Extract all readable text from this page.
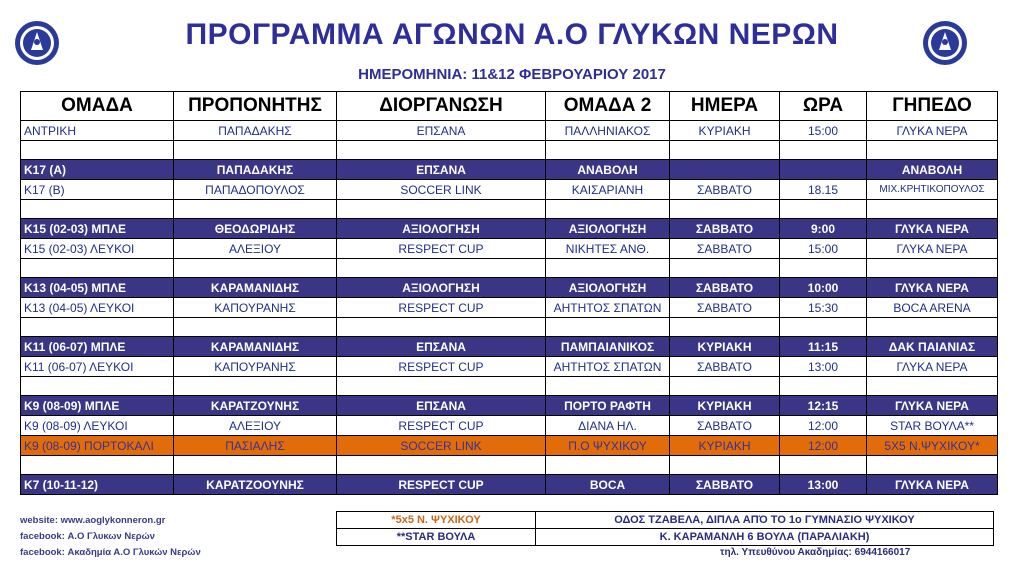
ΠΡΟΓΡΑΜΜΑ ΑΓΩΝΩΝ Α.Ο ΓΛΥΚΩΝ ΝΕΡΩΝ
ΗΜΕΡΟΜΗΝΙΑ: 11&12 ΦΕΒΡΟΥΑΡΙΟΥ 2017
ΟΜΑΔΑ	ΠΡΟΠΟΝΗΤΗΣ	ΔΙΟΡΓΑΝΩΣΗ	ΟΜΑΔΑ 2	ΗΜΕΡΑ	ΩΡΑ	ΓΗΠΕΔΟ
ΑΝΤΡΙΚΗ	ΠΑΠΑΔΑΚΗΣ	ΕΠΣΑΝΑ	ΠΑΛΛΗΝΙΑΚΟΣ	ΚΥΡΙΑΚΗ	15:00	ΓΛΥΚΑ ΝΕΡΑ

Κ17 (Α)	ΠΑΠΑΔΑΚΗΣ	ΕΠΣΑΝΑ	ΑΝΑΒΟΛΗ			ΑΝΑΒΟΛΗ
Κ17 (Β)	ΠΑΠΑΔΟΠΟΥΛΟΣ	SOCCER LINK	ΚΑΙΣΑΡΙΑΝΗ	ΣΑΒΒΑΤΟ	18.15	ΜΙΧ.ΚΡΗΤΙΚΟΠΟΥΛΟΣ

Κ15 (02-03) ΜΠΛΕ	ΘΕΟΔΩΡΙΔΗΣ	ΑΞΙΟΛΟΓΗΣΗ	ΑΞΙΟΛΟΓΗΣΗ	ΣΑΒΒΑΤΟ	9:00	ΓΛΥΚΑ ΝΕΡΑ
Κ15 (02-03) ΛΕΥΚΟΙ	ΑΛΕΞΙΟΥ	RESPECT CUP	ΝΙΚΗΤΕΣ ΑΝΘ.	ΣΑΒΒΑΤΟ	15:00	ΓΛΥΚΑ ΝΕΡΑ

Κ13 (04-05) ΜΠΛΕ	ΚΑΡΑΜΑΝΙΔΗΣ	ΑΞΙΟΛΟΓΗΣΗ	ΑΞΙΟΛΟΓΗΣΗ	ΣΑΒΒΑΤΟ	10:00	ΓΛΥΚΑ ΝΕΡΑ
Κ13 (04-05) ΛΕΥΚΟΙ	ΚΑΠΟΥΡΑΝΗΣ	RESPECT CUP	ΑΗΤΗΤΟΣ ΣΠΑΤΩΝ	ΣΑΒΒΑΤΟ	15:30	BOCA ARENA

Κ11 (06-07) ΜΠΛΕ	ΚΑΡΑΜΑΝΙΔΗΣ	ΕΠΣΑΝΑ	ΠΑΜΠΑΙΑΝΙΚΟΣ	ΚΥΡΙΑΚΗ	11:15	ΔΑΚ ΠΑΙΑΝΙΑΣ
Κ11 (06-07) ΛΕΥΚΟΙ	ΚΑΠΟΥΡΑΝΗΣ	RESPECT CUP	ΑΗΤΗΤΟΣ ΣΠΑΤΩΝ	ΣΑΒΒΑΤΟ	13:00	ΓΛΥΚΑ ΝΕΡΑ

Κ9 (08-09) ΜΠΛΕ	ΚΑΡΑΤΖΟΥΝΗΣ	ΕΠΣΑΝΑ	ΠΟΡΤΟ ΡΑΦΤΗ	ΚΥΡΙΑΚΗ	12:15	ΓΛΥΚΑ ΝΕΡΑ
Κ9 (08-09) ΛΕΥΚΟΙ	ΑΛΕΞΙΟΥ	RESPECT CUP	ΔΙΑΝΑ ΗΛ.	ΣΑΒΒΑΤΟ	12:00	STAR ΒΟΥΛΑ**
Κ9 (08-09) ΠΟΡΤΟΚΑΛΙ	ΠΑΣΙΑΛΗΣ	SOCCER LINK	Π.Ο ΨΥΧΙΚΟΥ	ΚΥΡΙΑΚΗ	12:00	5Χ5 Ν.ΨΥΧΙΚΟΥ*

Κ7 (10-11-12)	ΚΑΡΑΤΖΟΟΥΝΗΣ	RESPECT CUP	BOCA	ΣΑΒΒΑΤΟ	13:00	ΓΛΥΚΑ ΝΕΡΑ
website: www.aoglykonneron.gr
facebook: Α.Ο Γλυκων Νερών
facebook: Ακαδημία Α.Ο Γλυκών Νερών
*5x5 Ν. ΨΥΧΙΚΟΥ	ΟΔΟΣ ΤΖΑΒΕΛΑ, ΔΙΠΛΑ ΑΠΌ ΤΟ 1ο ΓΥΜΝΑΣΙΟ ΨΥΧΙΚΟΥ
**STAR ΒΟΥΛΑ	Κ. ΚΑΡΑΜΑΝΛΗ 6 ΒΟΥΛΑ (ΠΑΡΑΛΙΑΚΗ)
τηλ. Υπευθύνου Ακαδημίας: 6944166017
